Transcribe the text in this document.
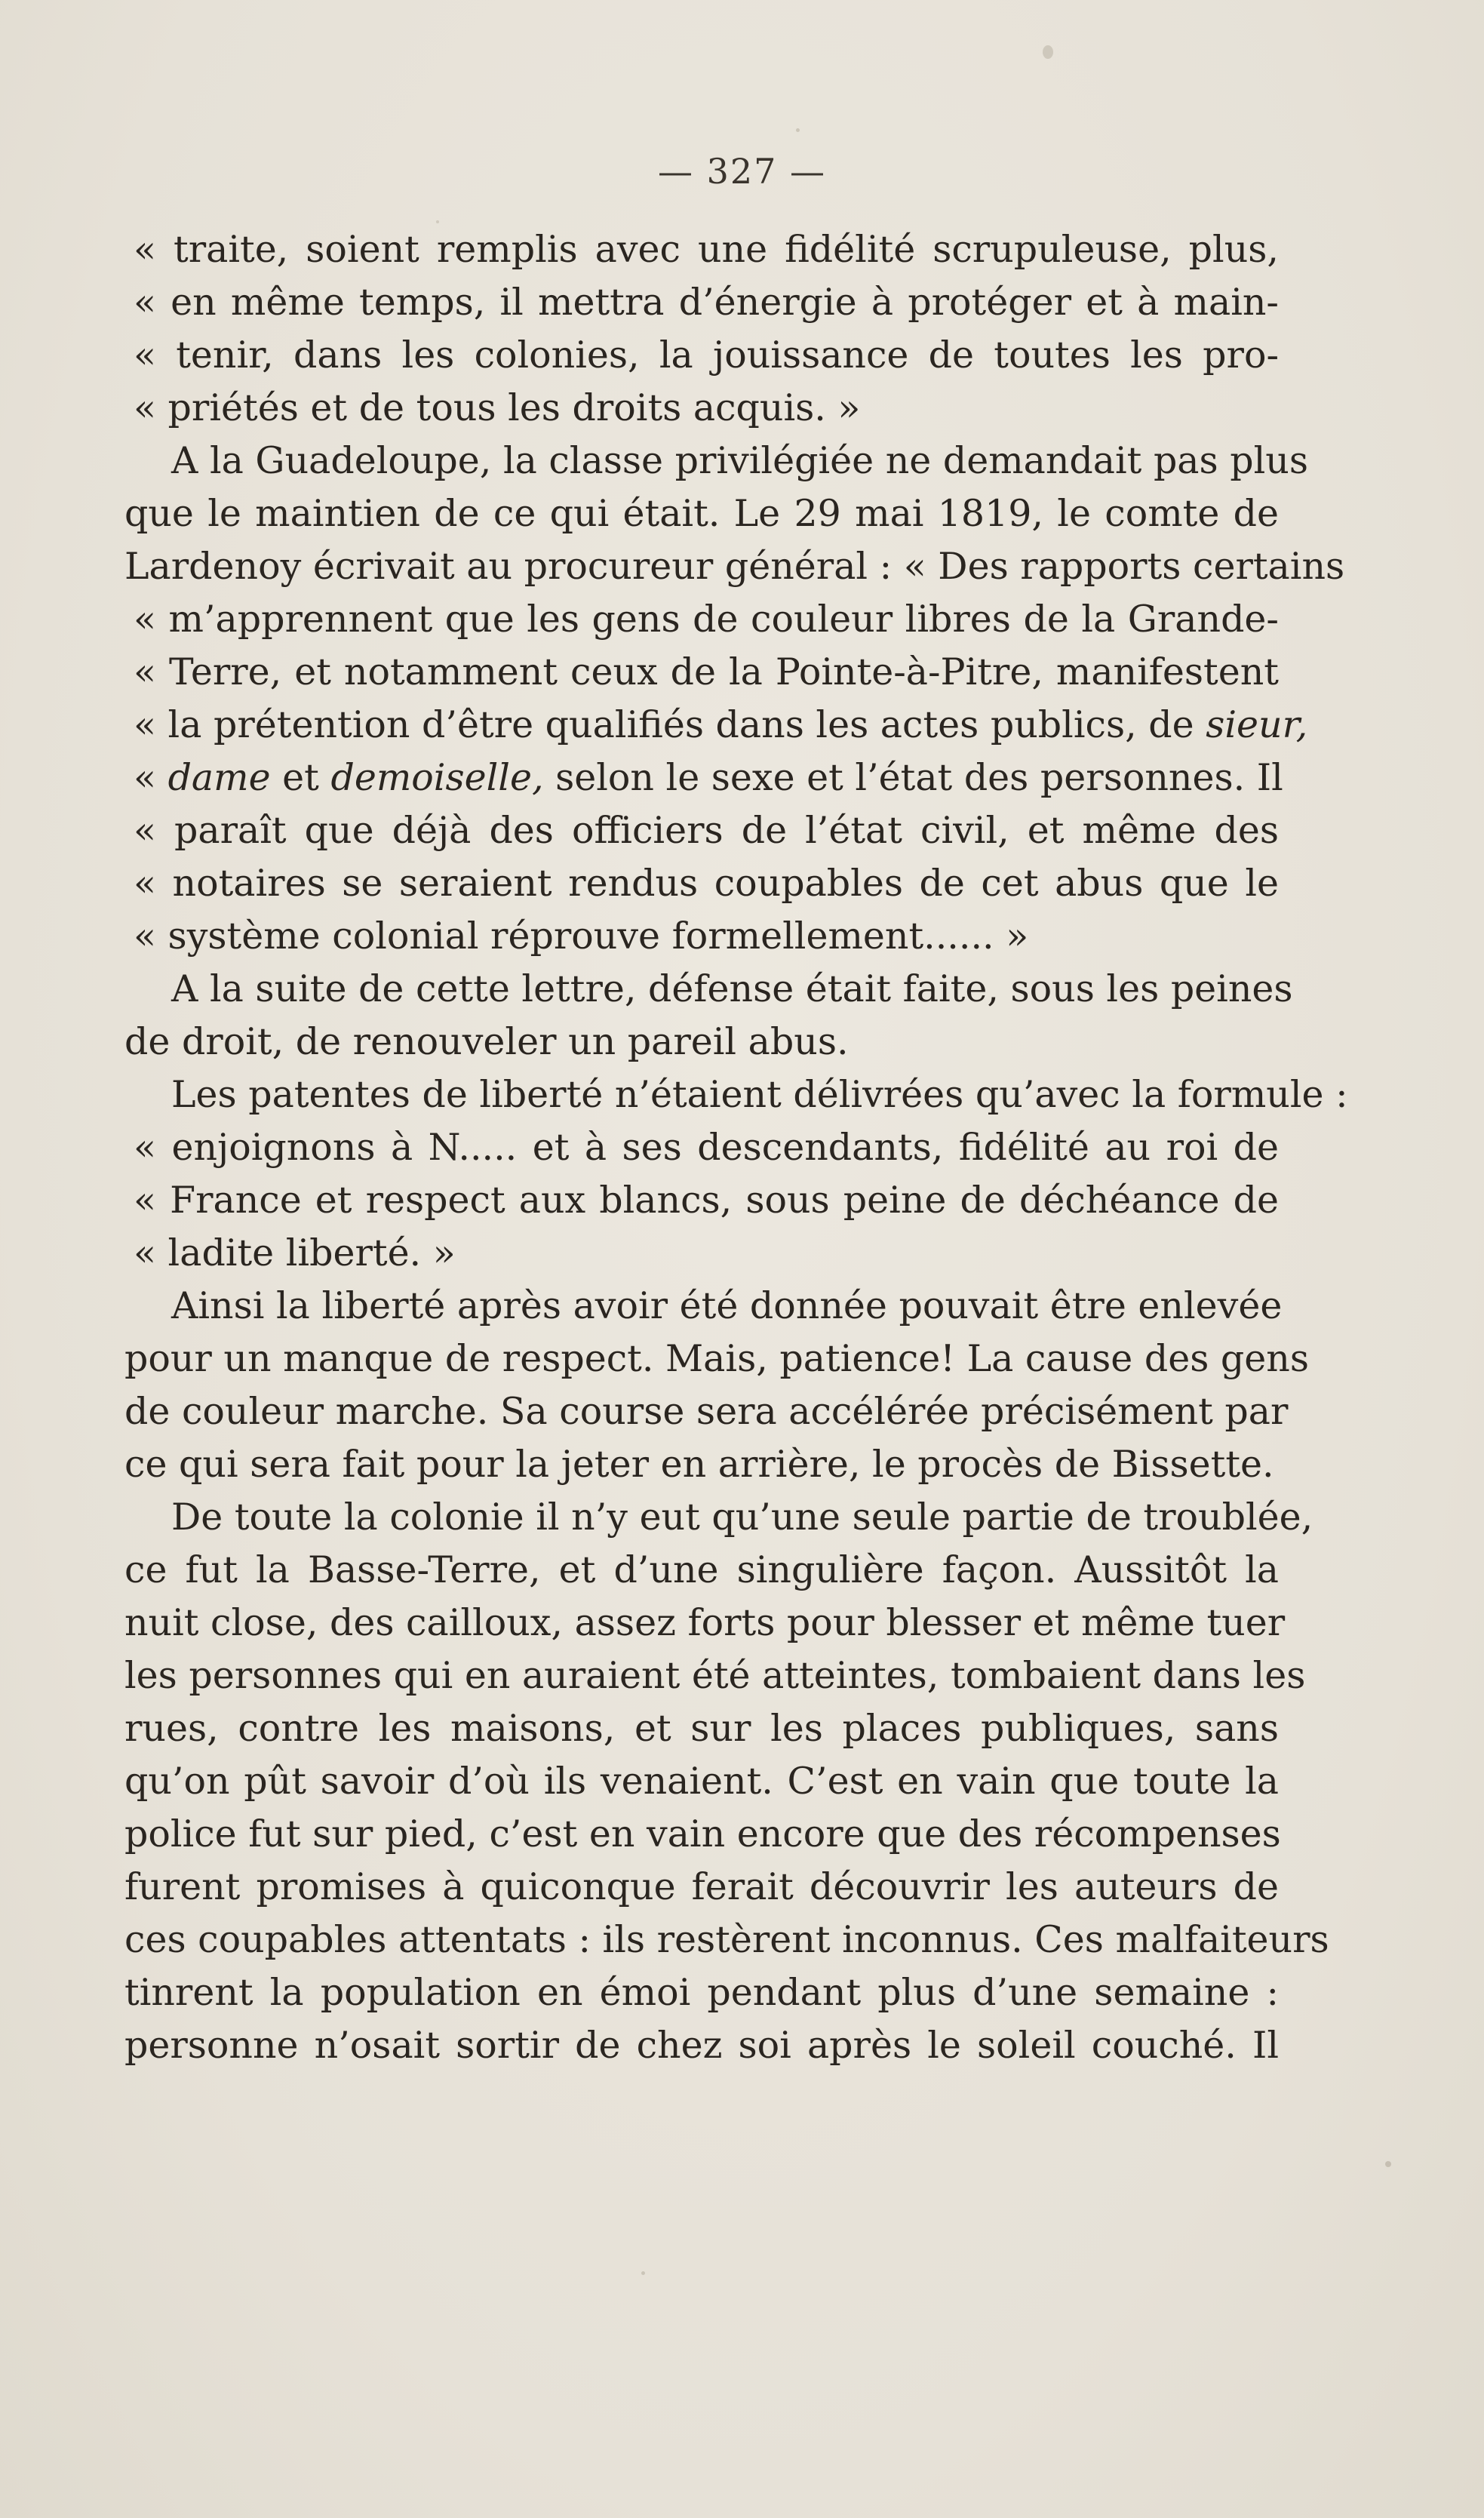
— 327 —
« traite, soient remplis avec une fidélité scrupuleuse, plus,
« en même temps, il mettra d’énergie à protéger et à main-
« tenir, dans les colonies, la jouissance de toutes les pro-
« priétés et de tous les droits acquis. »
A la Guadeloupe, la classe privilégiée ne demandait pas plus
que le maintien de ce qui était. Le 29 mai 1819, le comte de
Lardenoy écrivait au procureur général : « Des rapports certains
« m’apprennent que les gens de couleur libres de la Grande-
« Terre, et notamment ceux de la Pointe-à-Pitre, manifestent
« la prétention d’être qualifiés dans les actes publics, de sieur,
« dame et demoiselle, selon le sexe et l’état des personnes. Il
« paraît que déjà des officiers de l’état civil, et même des
« notaires se seraient rendus coupables de cet abus que le
« système colonial réprouve formellement...... »
A la suite de cette lettre, défense était faite, sous les peines
de droit, de renouveler un pareil abus.
Les patentes de liberté n’étaient délivrées qu’avec la formule :
« enjoignons à N..... et à ses descendants, fidélité au roi de
« France et respect aux blancs, sous peine de déchéance de
« ladite liberté. »
Ainsi la liberté après avoir été donnée pouvait être enlevée
pour un manque de respect. Mais, patience! La cause des gens
de couleur marche. Sa course sera accélérée précisément par
ce qui sera fait pour la jeter en arrière, le procès de Bissette.
De toute la colonie il n’y eut qu’une seule partie de troublée,
ce fut la Basse-Terre, et d’une singulière façon. Aussitôt la
nuit close, des cailloux, assez forts pour blesser et même tuer
les personnes qui en auraient été atteintes, tombaient dans les
rues, contre les maisons, et sur les places publiques, sans
qu’on pût savoir d’où ils venaient. C’est en vain que toute la
police fut sur pied, c’est en vain encore que des récompenses
furent promises à quiconque ferait découvrir les auteurs de
ces coupables attentats : ils restèrent inconnus. Ces malfaiteurs
tinrent la population en émoi pendant plus d’une semaine :
personne n’osait sortir de chez soi après le soleil couché. Il
